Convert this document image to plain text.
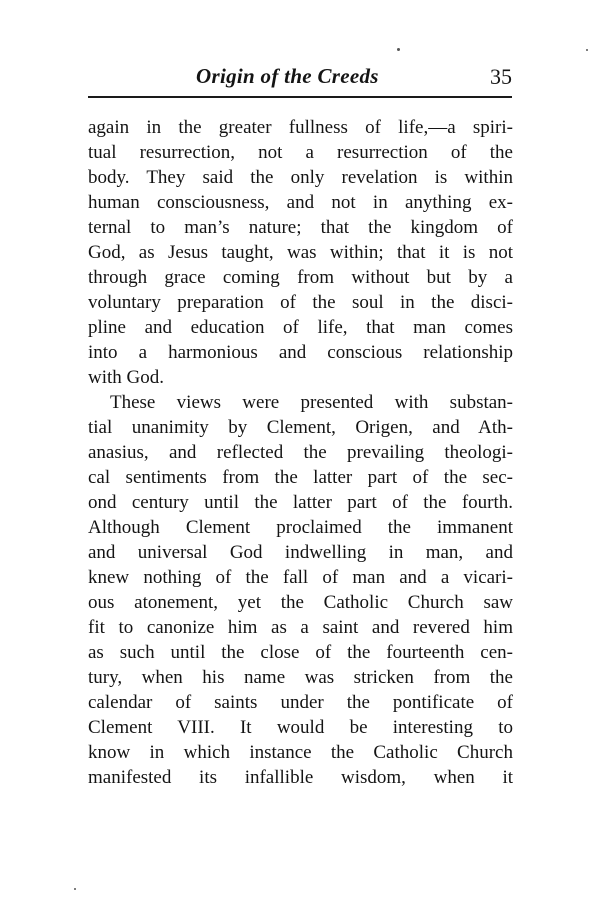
Origin of the Creeds	35
again in the greater fullness of life,—a spiri-
tual resurrection, not a resurrection of the
body. They said the only revelation is within
human consciousness, and not in anything ex-
ternal to man’s nature; that the kingdom of
God, as Jesus taught, was within; that it is not
through grace coming from without but by a
voluntary preparation of the soul in the disci-
pline and education of life, that man comes
into a harmonious and conscious relationship
with God.
These views were presented with substan-
tial unanimity by Clement, Origen, and Ath-
anasius, and reflected the prevailing theologi-
cal sentiments from the latter part of the sec-
ond century until the latter part of the fourth.
Although Clement proclaimed the immanent
and universal God indwelling in man, and
knew nothing of the fall of man and a vicari-
ous atonement, yet the Catholic Church saw
fit to canonize him as a saint and revered him
as such until the close of the fourteenth cen-
tury, when his name was stricken from the
calendar of saints under the pontificate of
Clement VIII. It would be interesting to
know in which instance the Catholic Church
manifested its infallible wisdom, when it
